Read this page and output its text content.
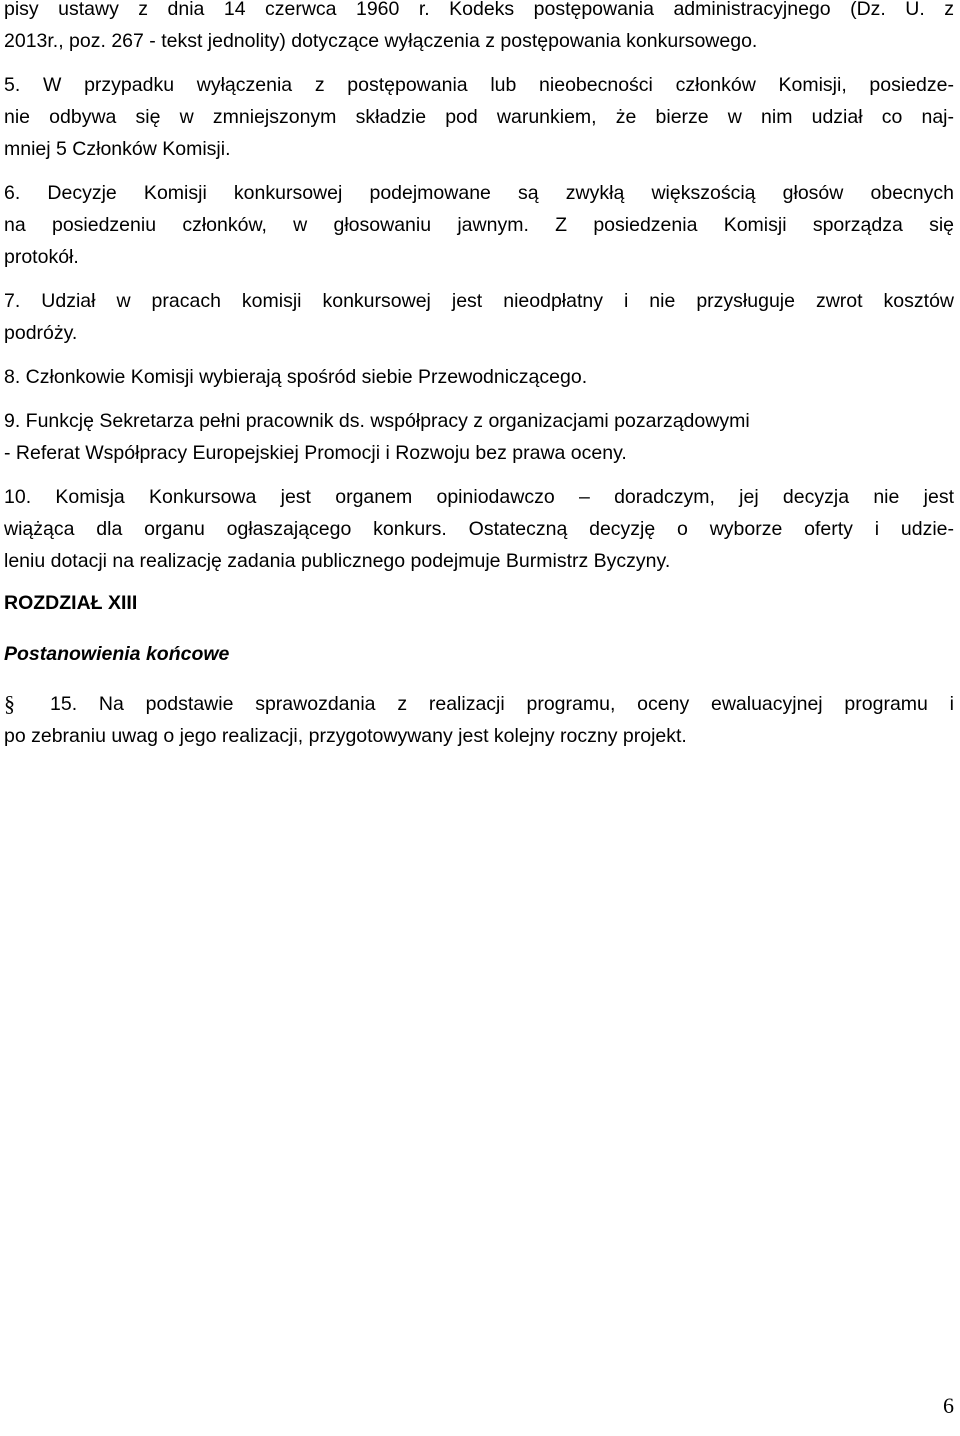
pisy ustawy z dnia 14 czerwca 1960 r. Kodeks postępowania administracyjnego (Dz. U. z
2013r., poz. 267 - tekst jednolity) dotyczące wyłączenia z postępowania konkursowego.
5. W przypadku wyłączenia z postępowania lub nieobecności członków Komisji, posiedze-
nie odbywa się w zmniejszonym składzie pod warunkiem, że bierze w nim udział co naj-
mniej 5 Członków Komisji.
6. Decyzje Komisji konkursowej podejmowane są zwykłą większością głosów obecnych
na posiedzeniu członków, w głosowaniu jawnym. Z posiedzenia Komisji sporządza się
protokół.
7. Udział w pracach komisji konkursowej jest nieodpłatny i nie przysługuje zwrot kosztów
podróży.
8. Członkowie Komisji wybierają spośród siebie Przewodniczącego.
9. Funkcję Sekretarza pełni pracownik ds. współpracy z organizacjami pozarządowymi
- Referat Współpracy Europejskiej Promocji i Rozwoju bez prawa oceny.
10. Komisja Konkursowa jest organem opiniodawczo – doradczym, jej decyzja nie jest
wiążąca dla organu ogłaszającego konkurs. Ostateczną decyzję o wyborze oferty i udzie-
leniu dotacji na realizację zadania publicznego podejmuje Burmistrz Byczyny.
ROZDZIAŁ XIII
Postanowienia końcowe
§ 15. Na podstawie sprawozdania z realizacji programu, oceny ewaluacyjnej programu i
po zebraniu uwag o jego realizacji, przygotowywany jest kolejny roczny projekt.
6
